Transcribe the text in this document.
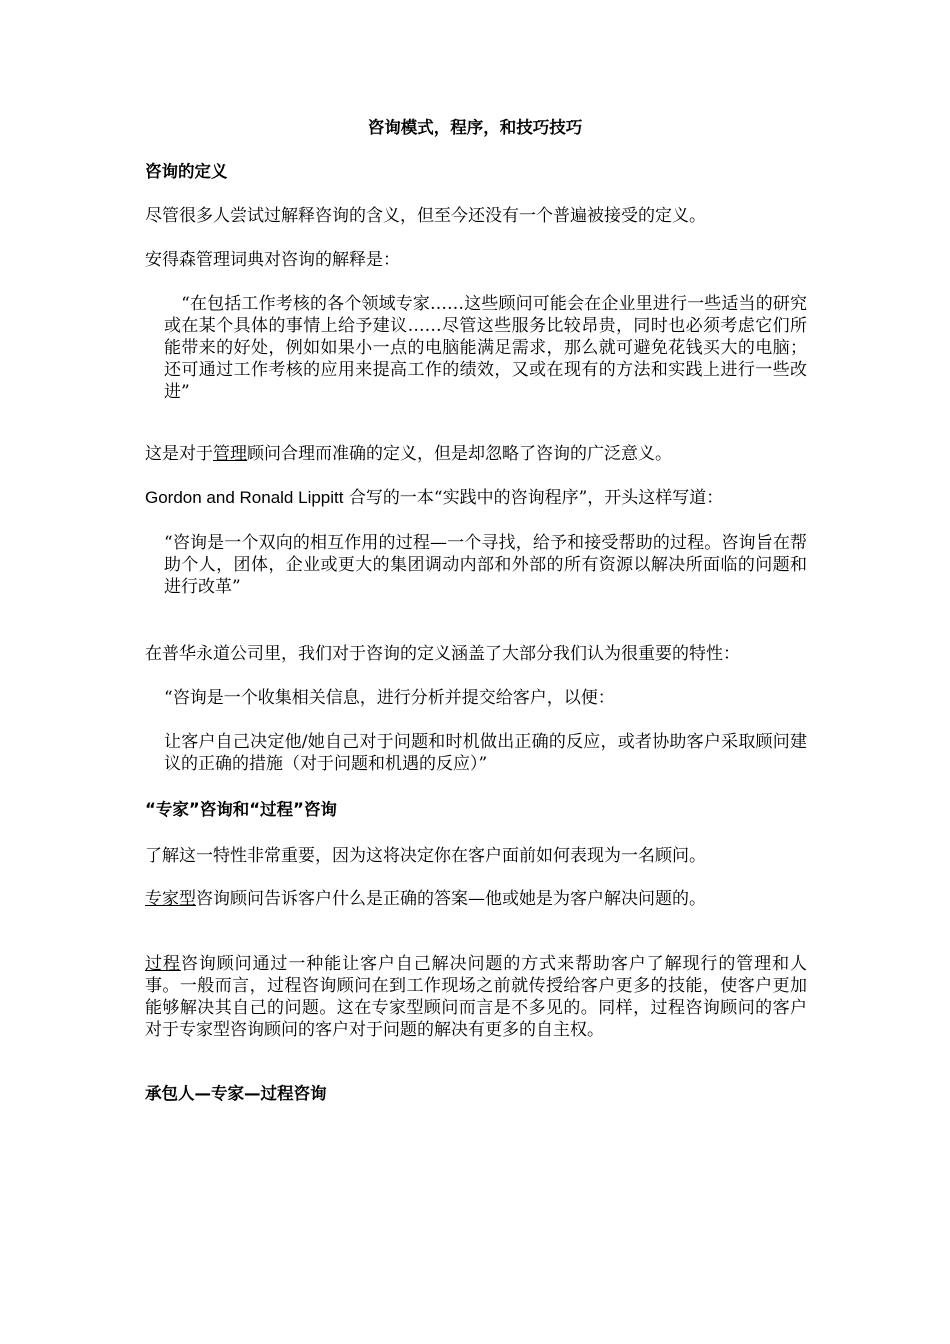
咨询模式，程序，和技巧技巧
咨询的定义

尽管很多人尝试过解释咨询的含义，但至今还没有一个普遍被接受的定义。

安得森管理词典对咨询的解释是：

　“在包括工作考核的各个领域专家……这些顾问可能会在企业里进行一些适当的研究或在某个具体的事情上给予建议……尽管这些服务比较昂贵，同时也必须考虑它们所能带来的好处，例如如果小一点的电脑能满足需求，那么就可避免花钱买大的电脑；还可通过工作考核的应用来提高工作的绩效，又或在现有的方法和实践上进行一些改进”

这是对于管理顾问合理而准确的定义，但是却忽略了咨询的广泛意义。

Gordon and Ronald Lippitt 合写的一本“实践中的咨询程序”，开头这样写道：

“咨询是一个双向的相互作用的过程—一个寻找，给予和接受帮助的过程。咨询旨在帮助个人，团体，企业或更大的集团调动内部和外部的所有资源以解决所面临的问题和进行改革”

在普华永道公司里，我们对于咨询的定义涵盖了大部分我们认为很重要的特性：

“咨询是一个收集相关信息，进行分析并提交给客户，以便：

让客户自己决定他/她自己对于问题和时机做出正确的反应，或者协助客户采取顾问建议的正确的措施（对于问题和机遇的反应）”

“专家”咨询和“过程”咨询

了解这一特性非常重要，因为这将决定你在客户面前如何表现为一名顾问。

专家型咨询顾问告诉客户什么是正确的答案—他或她是为客户解决问题的。

过程咨询顾问通过一种能让客户自己解决问题的方式来帮助客户了解现行的管理和人事。一般而言，过程咨询顾问在到工作现场之前就传授给客户更多的技能，使客户更加能够解决其自己的问题。这在专家型顾问而言是不多见的。同样，过程咨询顾问的客户对于专家型咨询顾问的客户对于问题的解决有更多的自主权。

承包人—专家—过程咨询
